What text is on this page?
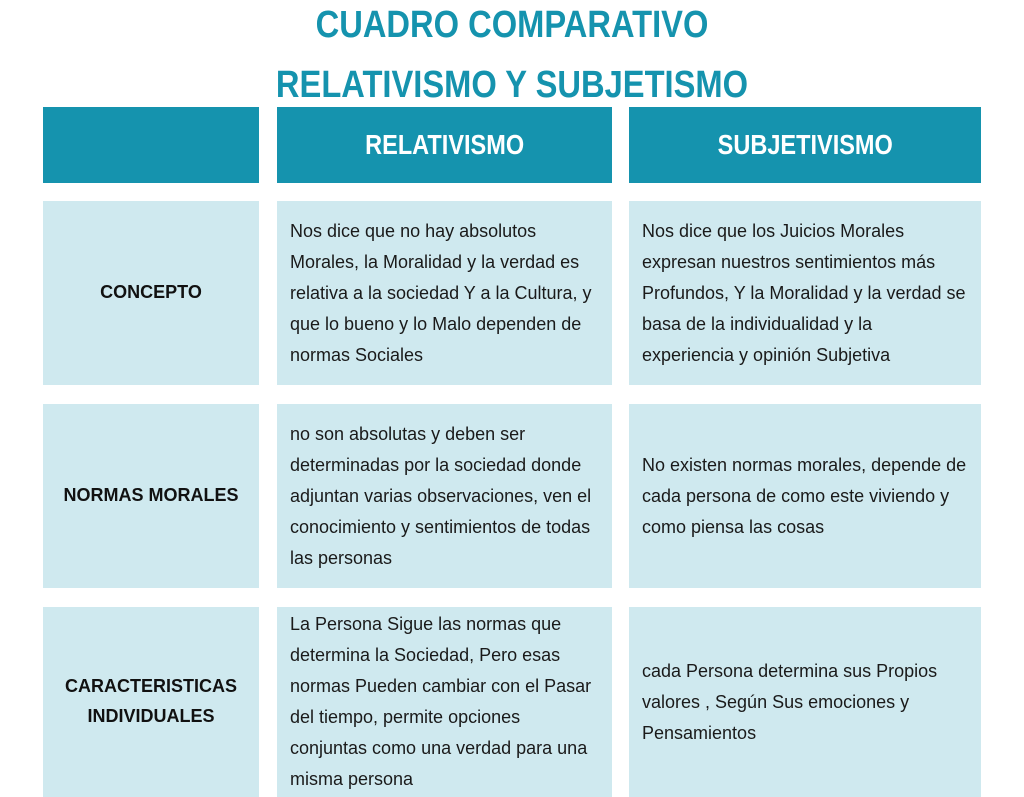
CUADRO COMPARATIVO
RELATIVISMO Y SUBJETISMO
RELATIVISMO	SUBJETIVISMO
CONCEPTO
Nos dice que no hay absolutos Morales, la Moralidad y la verdad es relativa a la sociedad Y a la Cultura, y que lo bueno y lo Malo dependen de normas Sociales
Nos dice que los Juicios Morales expresan nuestros sentimientos más Profundos, Y la Moralidad y la verdad se basa de la individualidad y la experiencia y opinión Subjetiva
NORMAS MORALES
no son absolutas y deben ser determinadas por la sociedad donde adjuntan varias observaciones, ven el conocimiento y sentimientos de todas las personas
No existen normas morales, depende de cada persona de como este viviendo y como piensa las cosas
CARACTERISTICAS INDIVIDUALES
La Persona Sigue las normas que determina la Sociedad, Pero esas normas Pueden cambiar con el Pasar del tiempo, permite opciones conjuntas como una verdad para una misma persona
cada Persona determina sus Propios valores , Según Sus emociones y Pensamientos
